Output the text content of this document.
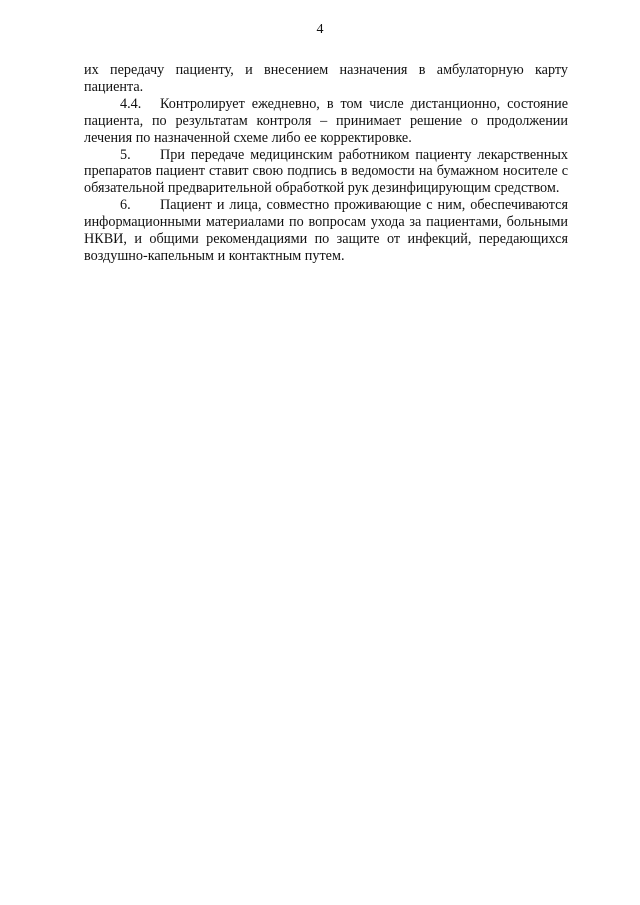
4

их передачу пациенту, и внесением назначения в амбулаторную карту пациента.

4.4. Контролирует ежедневно, в том числе дистанционно, состояние пациента, по результатам контроля – принимает решение о продолжении лечения по назначенной схеме либо ее корректировке.

5. При передаче медицинским работником пациенту лекарственных препаратов пациент ставит свою подпись в ведомости на бумажном носителе с обязательной предварительной обработкой рук дезинфицирующим средством.

6. Пациент и лица, совместно проживающие с ним, обеспечиваются информационными материалами по вопросам ухода за пациентами, больными НКВИ, и общими рекомендациями по защите от инфекций, передающихся воздушно-капельным и контактным путем.
